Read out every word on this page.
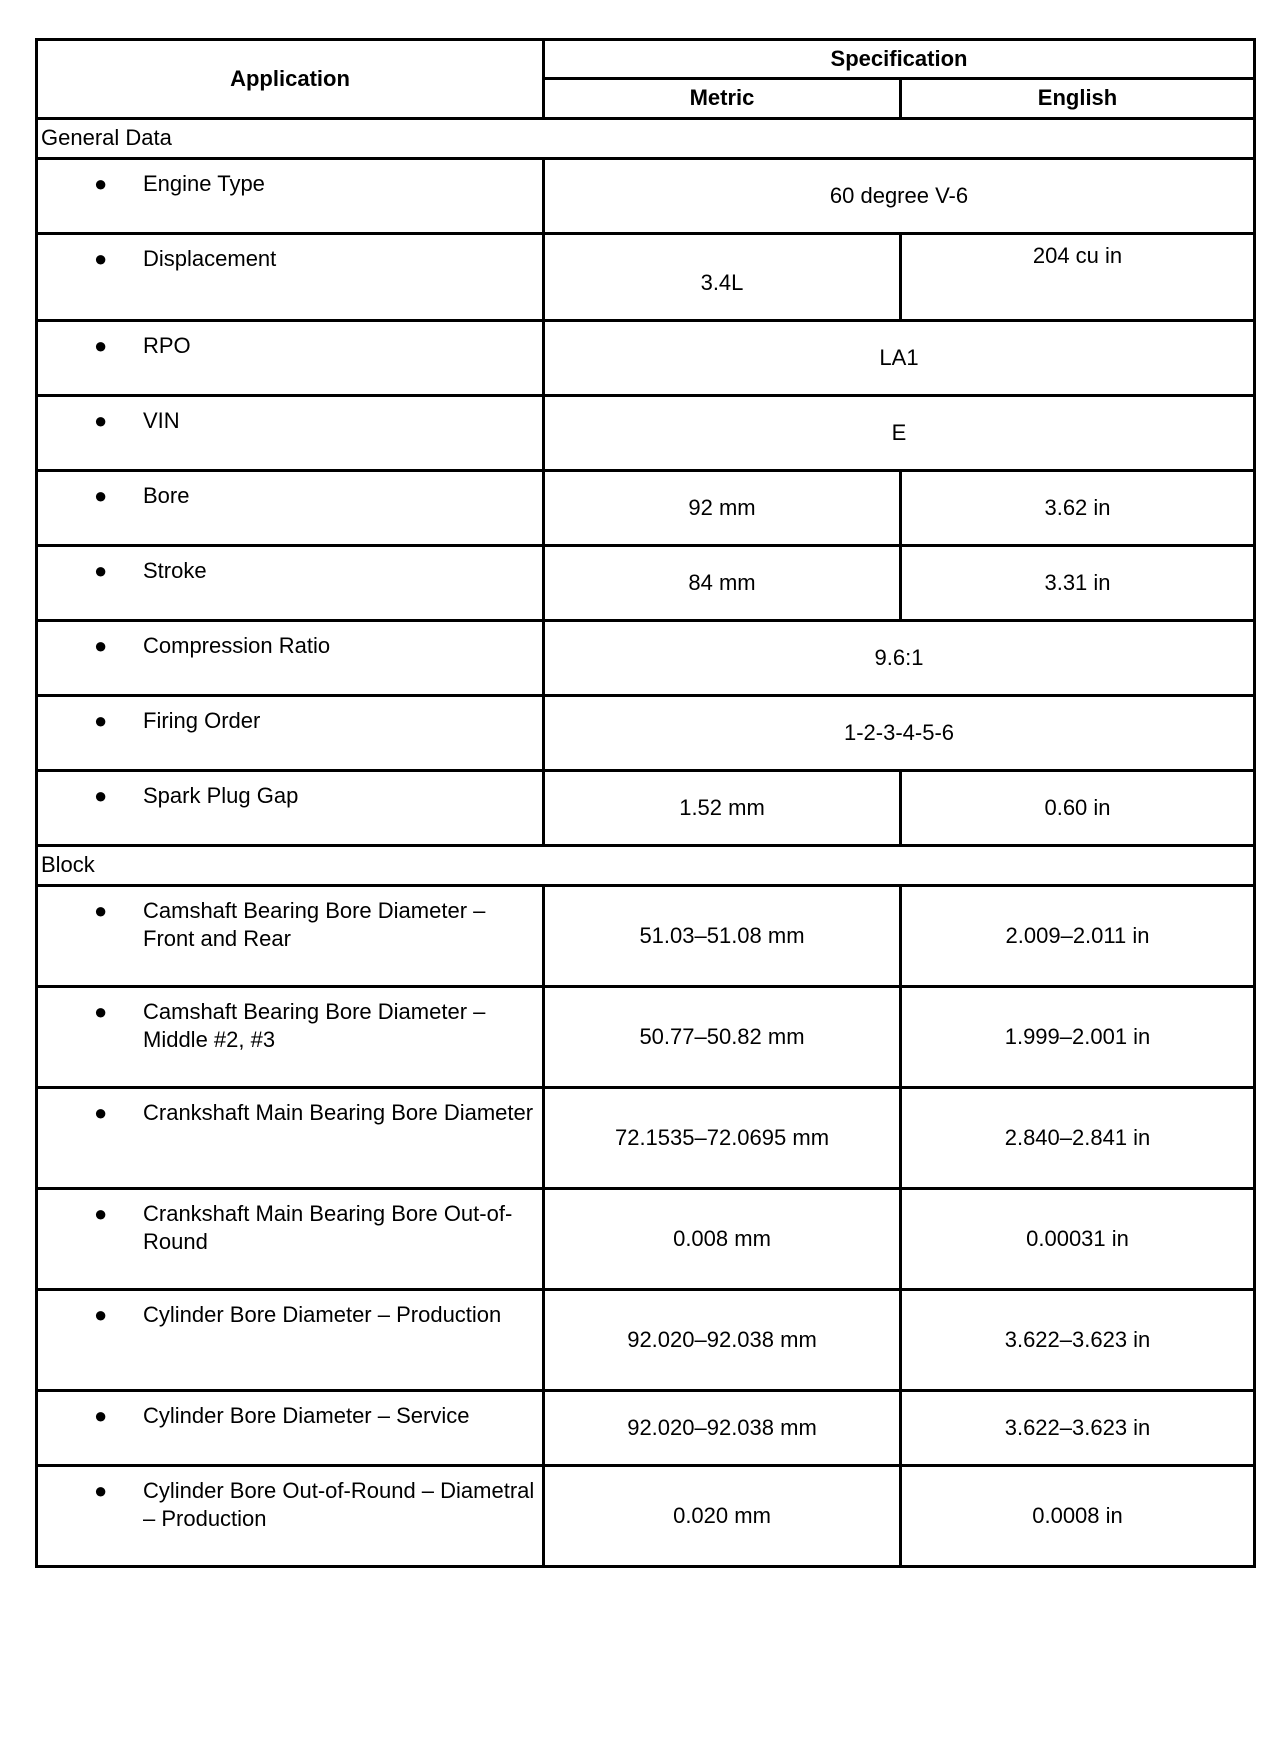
Application	Specification	
	Metric	English
General Data		

● Engine Type	60 degree V-6	

● Displacement	3.4L	204 cu in

● RPO	LA1	

● VIN	E	

● Bore	92 mm	3.62 in

● Stroke	84 mm	3.31 in

● Compression Ratio	9.6:1	

● Firing Order	1-2-3-4-5-6	

● Spark Plug Gap	1.52 mm	0.60 in
Block		

● Camshaft Bearing Bore Diameter – Front and Rear	51.03–51.08 mm	2.009–2.011 in

● Camshaft Bearing Bore Diameter – Middle #2, #3	50.77–50.82 mm	1.999–2.001 in

● Crankshaft Main Bearing Bore Diameter	72.1535–72.0695 mm	2.840–2.841 in

● Crankshaft Main Bearing Bore Out-of-Round	0.008 mm	0.00031 in

● Cylinder Bore Diameter – Production	92.020–92.038 mm	3.622–3.623 in

● Cylinder Bore Diameter – Service	92.020–92.038 mm	3.622–3.623 in

● Cylinder Bore Out-of-Round – Diametral – Production	0.020 mm	0.0008 in
